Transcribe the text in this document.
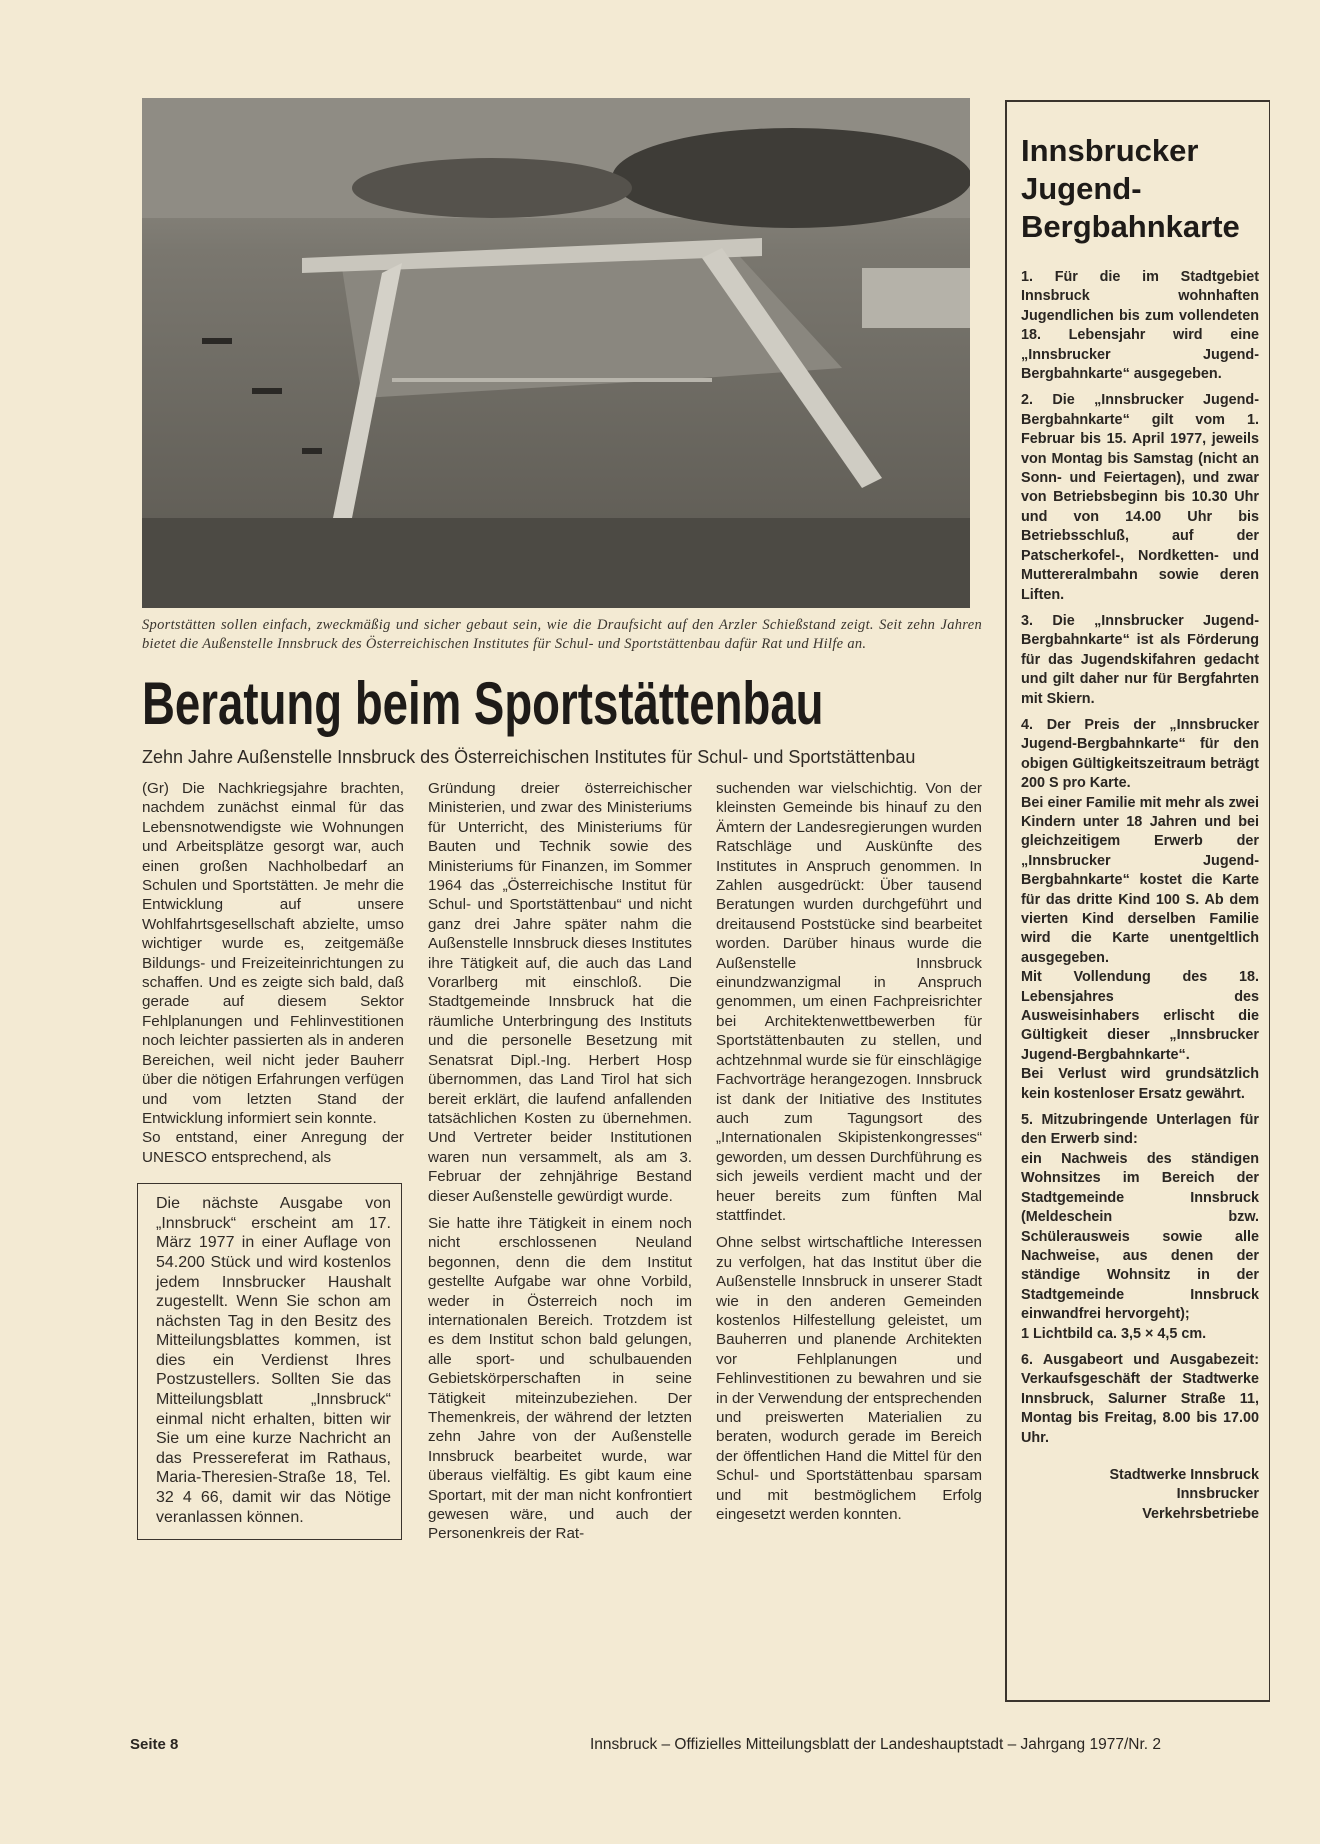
Sportstätten sollen einfach, zweckmäßig und sicher gebaut sein, wie die Draufsicht auf den Arzler Schießstand zeigt. Seit zehn Jahren bietet die Außenstelle Innsbruck des Österreichischen Institutes für Schul- und Sportstättenbau dafür Rat und Hilfe an.
Beratung beim Sportstättenbau
Zehn Jahre Außenstelle Innsbruck des Österreichischen Institutes für Schul- und Sportstättenbau

(Gr) Die Nachkriegsjahre brachten, nachdem zunächst einmal für das Lebensnotwendigste wie Wohnungen und Arbeitsplätze gesorgt war, auch einen großen Nachholbedarf an Schulen und Sportstätten. Je mehr die Entwicklung auf unsere Wohlfahrtsgesellschaft abzielte, umso wichtiger wurde es, zeitgemäße Bildungs- und Freizeiteinrichtungen zu schaffen. Und es zeigte sich bald, daß gerade auf diesem Sektor Fehlplanungen und Fehlinvestitionen noch leichter passierten als in anderen Bereichen, weil nicht jeder Bauherr über die nötigen Erfahrungen verfügen und vom letzten Stand der Entwicklung informiert sein konnte.

So entstand, einer Anregung der UNESCO entsprechend, als

Die nächste Ausgabe von „Innsbruck“ erscheint am 17. März 1977 in einer Auflage von 54.200 Stück und wird kostenlos jedem Innsbrucker Haushalt zugestellt. Wenn Sie schon am nächsten Tag in den Besitz des Mitteilungsblattes kommen, ist dies ein Verdienst Ihres Postzustellers. Sollten Sie das Mitteilungsblatt „Innsbruck“ einmal nicht erhalten, bitten wir Sie um eine kurze Nachricht an das Pressereferat im Rathaus, Maria-Theresien-Straße 18, Tel. 32 4 66, damit wir das Nötige veranlassen können.

Gründung dreier österreichischer Ministerien, und zwar des Ministeriums für Unterricht, des Ministeriums für Bauten und Technik sowie des Ministeriums für Finanzen, im Sommer 1964 das „Österreichische Institut für Schul- und Sportstättenbau“ und nicht ganz drei Jahre später nahm die Außenstelle Innsbruck dieses Institutes ihre Tätigkeit auf, die auch das Land Vorarlberg mit einschloß. Die Stadtgemeinde Innsbruck hat die räumliche Unterbringung des Instituts und die personelle Besetzung mit Senatsrat Dipl.-Ing. Herbert Hosp übernommen, das Land Tirol hat sich bereit erklärt, die laufend anfallenden tatsächlichen Kosten zu übernehmen. Und Vertreter beider Institutionen waren nun versammelt, als am 3. Februar der zehnjährige Bestand dieser Außenstelle gewürdigt wurde.

Sie hatte ihre Tätigkeit in einem noch nicht erschlossenen Neuland begonnen, denn die dem Institut gestellte Aufgabe war ohne Vorbild, weder in Österreich noch im internationalen Bereich. Trotzdem ist es dem Institut schon bald gelungen, alle sport- und schulbauenden Gebietskörperschaften in seine Tätigkeit miteinzubeziehen. Der Themenkreis, der während der letzten zehn Jahre von der Außenstelle Innsbruck bearbeitet wurde, war überaus vielfältig. Es gibt kaum eine Sportart, mit der man nicht konfrontiert gewesen wäre, und auch der Personenkreis der Rat-

suchenden war vielschichtig. Von der kleinsten Gemeinde bis hinauf zu den Ämtern der Landesregierungen wurden Ratschläge und Auskünfte des Institutes in Anspruch genommen. In Zahlen ausgedrückt: Über tausend Beratungen wurden durchgeführt und dreitausend Poststücke sind bearbeitet worden. Darüber hinaus wurde die Außenstelle Innsbruck einundzwanzigmal in Anspruch genommen, um einen Fachpreisrichter bei Architektenwettbewerben für Sportstättenbauten zu stellen, und achtzehnmal wurde sie für einschlägige Fachvorträge herangezogen. Innsbruck ist dank der Initiative des Institutes auch zum Tagungsort des „Internationalen Skipistenkongresses“ geworden, um dessen Durchführung es sich jeweils verdient macht und der heuer bereits zum fünften Mal stattfindet.

Ohne selbst wirtschaftliche Interessen zu verfolgen, hat das Institut über die Außenstelle Innsbruck in unserer Stadt wie in den anderen Gemeinden kostenlos Hilfestellung geleistet, um Bauherren und planende Architekten vor Fehlplanungen und Fehlinvestitionen zu bewahren und sie in der Verwendung der entsprechenden und preiswerten Materialien zu beraten, wodurch gerade im Bereich der öffentlichen Hand die Mittel für den Schul- und Sportstättenbau sparsam und mit bestmöglichem Erfolg eingesetzt werden konnten.

Innsbrucker Jugend-Bergbahnkarte

1. Für die im Stadtgebiet Innsbruck wohnhaften Jugendlichen bis zum vollendeten 18. Lebensjahr wird eine „Innsbrucker Jugend-Bergbahnkarte“ ausgegeben.

2. Die „Innsbrucker Jugend-Bergbahnkarte“ gilt vom 1. Februar bis 15. April 1977, jeweils von Montag bis Samstag (nicht an Sonn- und Feiertagen), und zwar von Betriebsbeginn bis 10.30 Uhr und von 14.00 Uhr bis Betriebsschluß, auf der Patscherkofel-, Nordketten- und Muttereralmbahn sowie deren Liften.

3. Die „Innsbrucker Jugend-Bergbahnkarte“ ist als Förderung für das Jugendskifahren gedacht und gilt daher nur für Bergfahrten mit Skiern.

4. Der Preis der „Innsbrucker Jugend-Bergbahnkarte“ für den obigen Gültigkeitszeitraum beträgt 200 S pro Karte.

Bei einer Familie mit mehr als zwei Kindern unter 18 Jahren und bei gleichzeitigem Erwerb der „Innsbrucker Jugend-Bergbahnkarte“ kostet die Karte für das dritte Kind 100 S. Ab dem vierten Kind derselben Familie wird die Karte unentgeltlich ausgegeben.

Mit Vollendung des 18. Lebensjahres des Ausweisinhabers erlischt die Gültigkeit dieser „Innsbrucker Jugend-Bergbahnkarte“.

Bei Verlust wird grundsätzlich kein kostenloser Ersatz gewährt.

5. Mitzubringende Unterlagen für den Erwerb sind:

ein Nachweis des ständigen Wohnsitzes im Bereich der Stadtgemeinde Innsbruck (Meldeschein bzw. Schülerausweis sowie alle Nachweise, aus denen der ständige Wohnsitz in der Stadtgemeinde Innsbruck einwandfrei hervorgeht);

1 Lichtbild ca. 3,5 × 4,5 cm.

6. Ausgabeort und Ausgabezeit: Verkaufsgeschäft der Stadtwerke Innsbruck, Salurner Straße 11, Montag bis Freitag, 8.00 bis 17.00 Uhr.

Stadtwerke Innsbruck
Innsbrucker
Verkehrsbetriebe
Seite 8	Innsbruck – Offizielles Mitteilungsblatt der Landeshauptstadt – Jahrgang 1977/Nr. 2
